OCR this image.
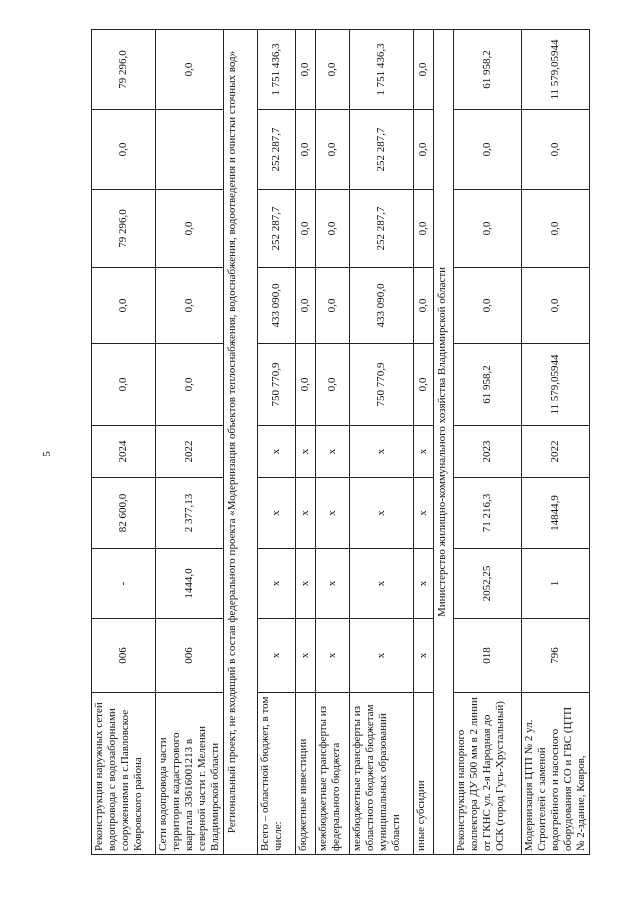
5
Реконструкция наружных сетей водопровода с водозаборными сооружениями в с.Павловское Ковровского района	006	-	82 600,0	2024	0,0	0,0	79 296,0	0,0	79 296,0
Сети водопровода части территории кадастрового квартала 33616001213 в северной части г. Меленки Владимирской области	006	1444,0	2 377,13	2022	0,0	0,0	0,0		0,0
Региональный проект, не входящий в состав федерального проекта «Модернизация объектов теплоснабжения, водоснабжения, водоотведения и очистки сточных вод»									
Всего – областной бюджет, в том числе:	x	x	x	x	750 770,9	433 090,0	252 287,7	252 287,7	1 751 436,3
бюджетные инвестиции	x	x	x	x	0,0	0,0	0,0	0,0	0,0
межбюджетные трансферты из федерального бюджета	x	x	x	x	0,0	0,0	0,0	0,0	0,0
межбюджетные трансферты из областного бюджета бюджетам муниципальных образований области	x	x	x	x	750 770,9	433 090,0	252 287,7	252 287,7	1 751 436,3
иные субсидии	x	x	x	x	0,0	0,0	0,0	0,0	0,0
Министерство жилищно-коммунального хозяйства Владимирской области									
Реконструкция напорного коллектора ДУ 500 мм в 2 линии от ГКНС ул. 2-я Народная до ОСК (город Гусь-Хрустальный)	018	2052,25	71 216,3	2023	61 958,2	0,0	0,0	0,0	61 958,2
Модернизация ЦТП № 2 ул. Строителей с заменой водогрейного и насосного оборудования СО и ГВС (ЦТП № 2-здание, Ковров,	796	1	14844,9	2022	11 579,05944	0,0	0,0	0,0	11 579,05944
